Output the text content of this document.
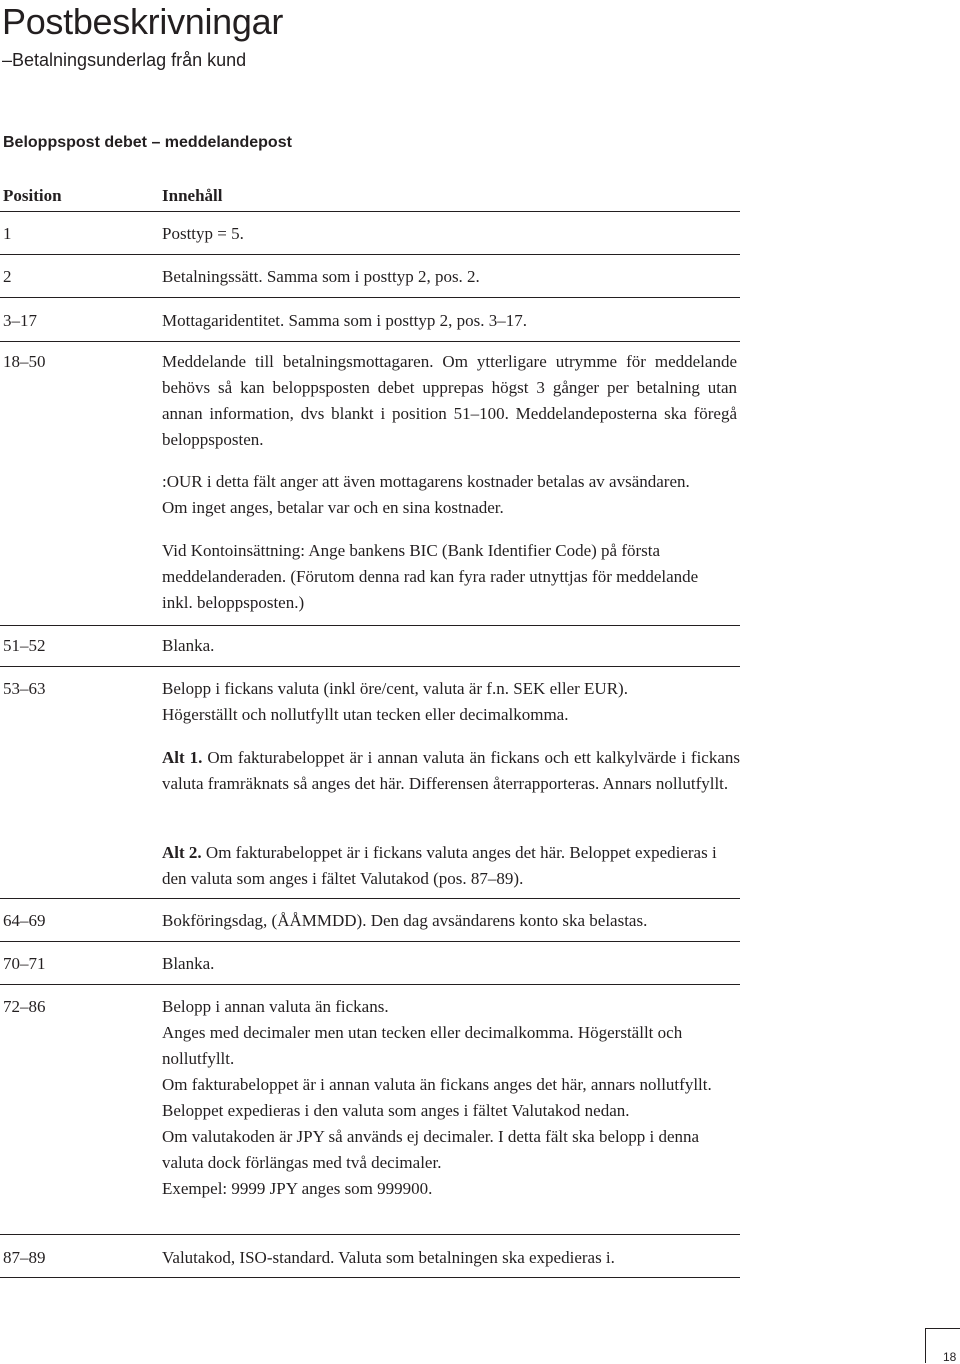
Postbeskrivningar
–Betalningsunderlag från kund
Beloppspost debet – meddelandepost
Position	Innehåll
1	Posttyp = 5.

2	Betalningssätt. Samma som i posttyp 2, pos. 2.

3–17	Mottagaridentitet. Samma som i posttyp 2, pos. 3–17.

18–50	Meddelande till betalningsmottagaren. Om ytterligare utrymme för meddelande behövs så kan beloppsposten debet upprepas högst 3 gånger per betalning utan annan information, dvs blankt i position 51–100. Meddelandeposterna ska föregå beloppsposten.

:OUR i detta fält anger att även mottagarens kostnader betalas av avsändaren. Om inget anges, betalar var och en sina kostnader.

Vid Kontoinsättning: Ange bankens BIC (Bank Identifier Code) på första meddelanderaden. (Förutom denna rad kan fyra rader utnyttjas för meddelande inkl. beloppsposten.)

51–52	Blanka.

53–63	Belopp i fickans valuta (inkl öre/cent, valuta är f.n. SEK eller EUR). Högerställt och nollutfyllt utan tecken eller decimalkomma.

Alt 1. Om fakturabeloppet är i annan valuta än fickans och ett kalkylvärde i fickans valuta framräknats så anges det här. Differensen återrapporteras. Annars nollutfyllt.

Alt 2. Om fakturabeloppet är i fickans valuta anges det här. Beloppet expedieras i den valuta som anges i fältet Valutakod (pos. 87–89).

64–69	Bokföringsdag, (ÅÅMMDD). Den dag avsändarens konto ska belastas.

70–71	Blanka.

72–86	Belopp i annan valuta än fickans.

Anges med decimaler men utan tecken eller decimalkomma. Högerställt och nollutfyllt.

Om fakturabeloppet är i annan valuta än fickans anges det här, annars nollutfyllt.

Beloppet expedieras i den valuta som anges i fältet Valutakod nedan.

Om valutakoden är JPY så används ej decimaler. I detta fält ska belopp i denna valuta dock förlängas med två decimaler.

Exempel: 9999 JPY anges som 999900.

87–89	Valutakod, ISO-standard. Valuta som betalningen ska expedieras i.

18
